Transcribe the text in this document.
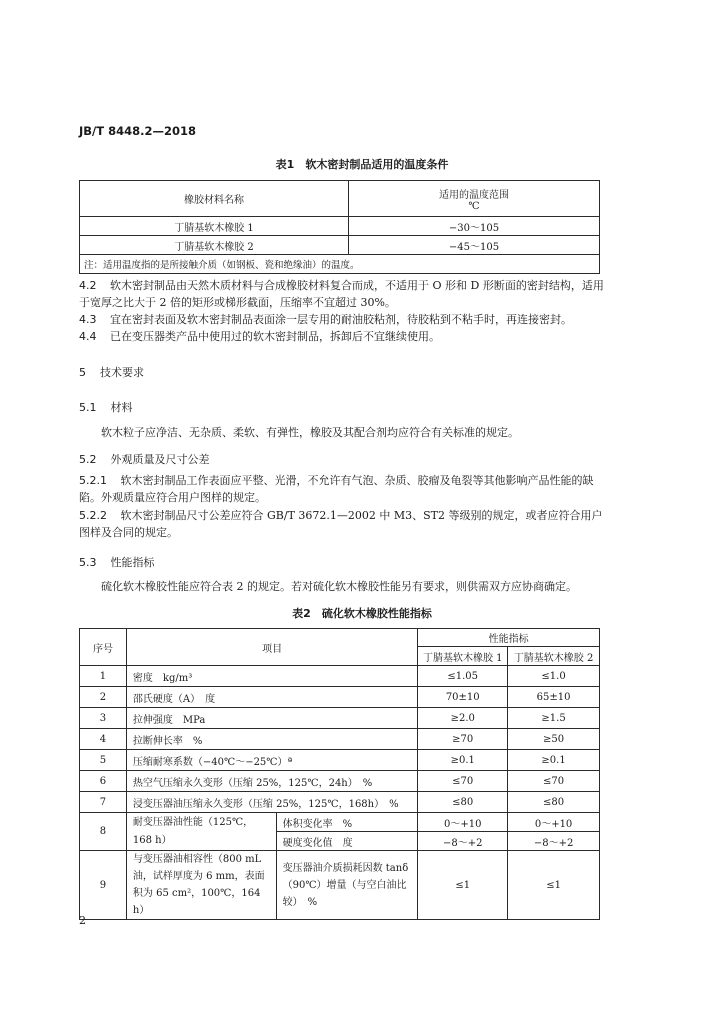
JB/T 8448.2—2018
表1　软木密封制品适用的温度条件
橡胶材料名称	适用的温度范围
℃

丁腈基软木橡胶 1	−30～105
丁腈基软木橡胶 2	−45～105
注：适用温度指的是所接触介质（如钢板、瓷和绝缘油）的温度。	
4.2 软木密封制品由天然木质材料与合成橡胶材料复合而成，不适用于 O 形和 D 形断面的密封结构，适用于宽厚之比大于 2 倍的矩形或梯形截面，压缩率不宜超过 30%。
4.3 宜在密封表面及软木密封制品表面涂一层专用的耐油胶粘剂，待胶粘到不粘手时，再连接密封。
4.4 已在变压器类产品中使用过的软木密封制品，拆卸后不宜继续使用。
5 技术要求
5.1 材料
软木粒子应净洁、无杂质、柔软、有弹性，橡胶及其配合剂均应符合有关标准的规定。
5.2 外观质量及尺寸公差
5.2.1 软木密封制品工作表面应平整、光滑，不允许有气泡、杂质、胶瘤及龟裂等其他影响产品性能的缺陷。外观质量应符合用户图样的规定。
5.2.2 软木密封制品尺寸公差应符合 GB/T 3672.1—2002 中 M3、ST2 等级别的规定，或者应符合用户图样及合同的规定。
5.3 性能指标
硫化软木橡胶性能应符合表 2 的规定。若对硫化软木橡胶性能另有要求，则供需双方应协商确定。
表2　硫化软木橡胶性能指标
序号	项目		性能指标	
			丁腈基软木橡胶 1	丁腈基软木橡胶 2
1	密度　kg/m³		≤1.05	≤1.0
2	邵氏硬度（A）　度		70±10	65±10
3	拉伸强度　MPa		≥2.0	≥1.5
4	拉断伸长率　%		≥70	≥50
5	压缩耐寒系数（−40℃～−25℃）ª		≥0.1	≥0.1
6	热空气压缩永久变形（压缩 25%，125℃，24h）　%		≤70	≤70
7	浸变压器油压缩永久变形（压缩 25%，125℃，168h）　%		≤80	≤80
8	耐变压器油性能（125℃，168 h）	体积变化率　%	0～+10	0～+10
		硬度变化值　度	−8～+2	−8～+2
9	与变压器油相容性（800 mL 油，试样厚度为 6 mm，表面积为 65 cm²，100℃，164 h）	变压器油介质损耗因数 tanδ（90℃）增量（与空白油比较）　%	≤1	≤1
2
